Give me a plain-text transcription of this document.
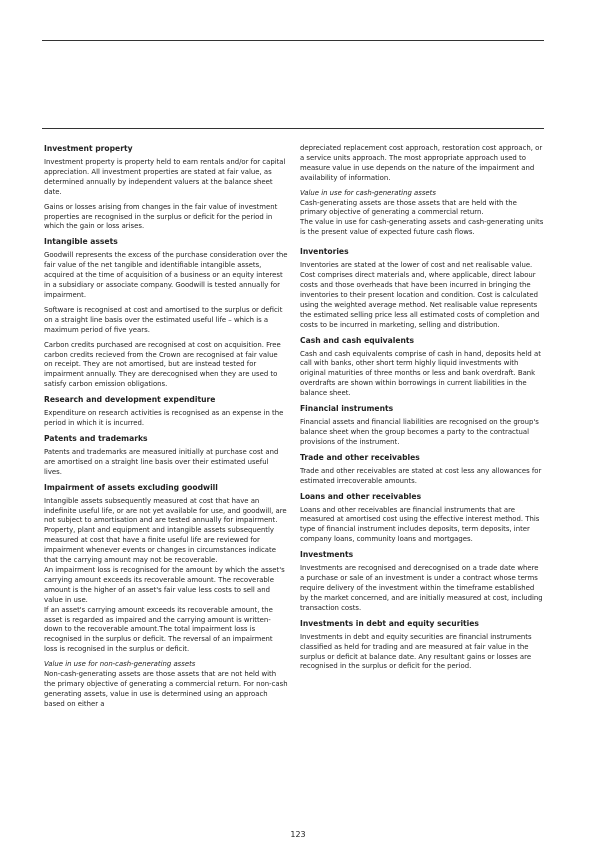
Investment property
Investment property is property held to earn rentals and/or for capital appreciation. All investment properties are stated at fair value, as determined annually by independent valuers at the balance sheet date.
Gains or losses arising from changes in the fair value of investment properties are recognised in the surplus or deficit for the period in which the gain or loss arises.
Intangible assets
Goodwill represents the excess of the purchase consideration over the fair value of the net tangible and identifiable intangible assets, acquired at the time of acquisition of a business or an equity interest in a subsidiary or associate company. Goodwill is tested annually for impairment.
Software is recognised at cost and amortised to the surplus or deficit on a straight line basis over the estimated useful life – which is a maximum period of five years.
Carbon credits purchased are recognised at cost on acquisition. Free carbon credits recieved from the Crown are recognised at fair value on receipt. They are not amortised, but are instead tested for impairment annually. They are derecognised when they are used to satisfy carbon emission obligations.
Research and development expenditure
Expenditure on research activities is recognised as an expense in the period in which it is incurred.
Patents and trademarks
Patents and trademarks are measured initially at purchase cost and are amortised on a straight line basis over their estimated useful lives.
Impairment of assets excluding goodwill
Intangible assets subsequently measured at cost that have an indefinite useful life, or are not yet available for use, and goodwill, are not subject to amortisation and are tested annually for impairment.
Property, plant and equipment and intangible assets subsequently measured at cost that have a finite useful life are reviewed for impairment whenever events or changes in circumstances indicate that the carrying amount may not be recoverable.
An impairment loss is recognised for the amount by which the asset's carrying amount exceeds its recoverable amount. The recoverable amount is the higher of an asset's fair value less costs to sell and value in use.
If an asset's carrying amount exceeds its recoverable amount, the asset is regarded as impaired and the carrying amount is written-down to the recoverable amount.The total impairment loss is recognised in the surplus or deficit. The reversal of an impairment loss is recognised in the surplus or deficit.
Value in use for non-cash-generating assets
Non-cash-generating assets are those assets that are not held with the primary objective of generating a commercial return. For non-cash generating assets, value in use is determined using an approach based on either a
depreciated replacement cost approach, restoration cost approach, or a service units approach. The most appropriate approach used to measure value in use depends on the nature of the impairment and availability of information.
Value in use for cash-generating assets
Cash-generating assets are those assets that are held with the primary objective of generating a commercial return.
The value in use for cash-generating assets and cash-generating units is the present value of expected future cash flows.
Inventories
Inventories are stated at the lower of cost and net realisable value. Cost comprises direct materials and, where applicable, direct labour costs and those overheads that have been incurred in bringing the inventories to their present location and condition. Cost is calculated using the weighted average method. Net realisable value represents the estimated selling price less all estimated costs of completion and costs to be incurred in marketing, selling and distribution.
Cash and cash equivalents
Cash and cash equivalents comprise of cash in hand, deposits held at call with banks, other short term highly liquid investments with original maturities of three months or less and bank overdraft. Bank overdrafts are shown within borrowings in current liabilities in the balance sheet.
Financial instruments
Financial assets and financial liabilities are recognised on the group's balance sheet when the group becomes a party to the contractual provisions of the instrument.
Trade and other receivables
Trade and other receivables are stated at cost less any allowances for estimated irrecoverable amounts.
Loans and other receivables
Loans and other receivables are financial instruments that are measured at amortised cost using the effective interest method. This type of financial instrument includes deposits, term deposits, inter company loans, community loans and mortgages.
Investments
Investments are recognised and derecognised on a trade date where a purchase or sale of an investment is under a contract whose terms require delivery of the investment within the timeframe established by the market concerned, and are initially measured at cost, including transaction costs.
Investments in debt and equity securities
Investments in debt and equity securities are financial instruments classified as held for trading and are measured at fair value in the surplus or deficit at balance date. Any resultant gains or losses are recognised in the surplus or deficit for the period.
123
